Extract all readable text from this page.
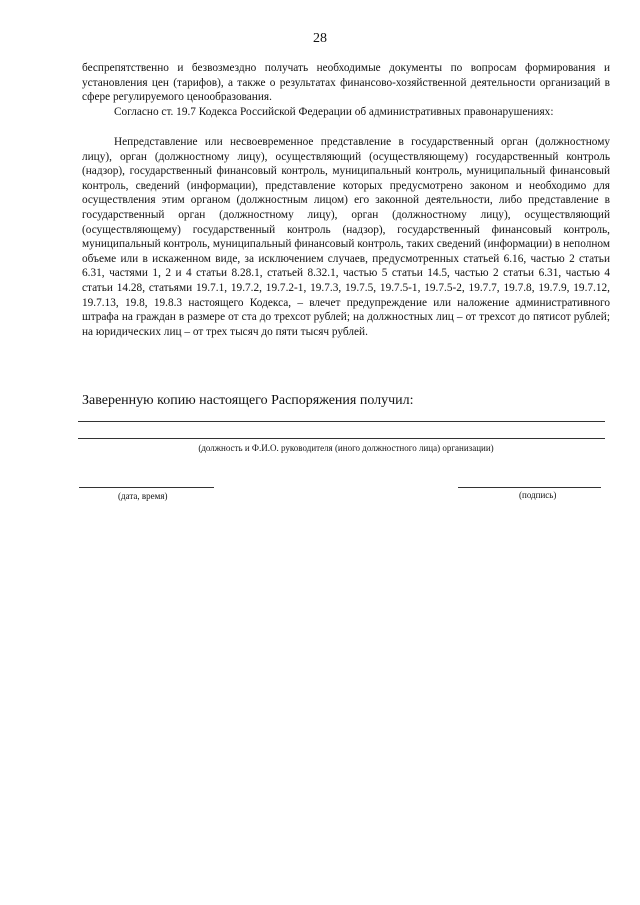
28
беспрепятственно и безвозмездно получать необходимые документы по вопросам формирования и установления цен (тарифов), а также о результатах финансово-хозяйственной деятельности организаций в сфере регулируемого ценообразования.
Согласно ст. 19.7 Кодекса Российской Федерации об административных правонарушениях:
Непредставление или несвоевременное представление в государственный орган (должностному лицу), орган (должностному лицу), осуществляющий (осуществляющему) государственный контроль (надзор), государственный финансовый контроль, муниципальный контроль, муниципальный финансовый контроль, сведений (информации), представление которых предусмотрено законом и необходимо для осуществления этим органом (должностным лицом) его законной деятельности, либо представление в государственный орган (должностному лицу), орган (должностному лицу), осуществляющий (осуществляющему) государственный контроль (надзор), государственный финансовый контроль, муниципальный контроль, муниципальный финансовый контроль, таких сведений (информации) в неполном объеме или в искаженном виде, за исключением случаев, предусмотренных статьей 6.16, частью 2 статьи 6.31, частями 1, 2 и 4 статьи 8.28.1, статьей 8.32.1, частью 5 статьи 14.5, частью 2 статьи 6.31, частью 4 статьи 14.28, статьями 19.7.1, 19.7.2, 19.7.2-1, 19.7.3, 19.7.5, 19.7.5-1, 19.7.5-2, 19.7.7, 19.7.8, 19.7.9, 19.7.12, 19.7.13, 19.8, 19.8.3 настоящего Кодекса, – влечет предупреждение или наложение административного штрафа на граждан в размере от ста до трехсот рублей; на должностных лиц – от трехсот до пятисот рублей; на юридических лиц – от трех тысяч до пяти тысяч рублей.
Заверенную копию настоящего Распоряжения получил:
(должность и Ф.И.О. руководителя (иного должностного лица) организации)
(дата, время)	(подпись)
